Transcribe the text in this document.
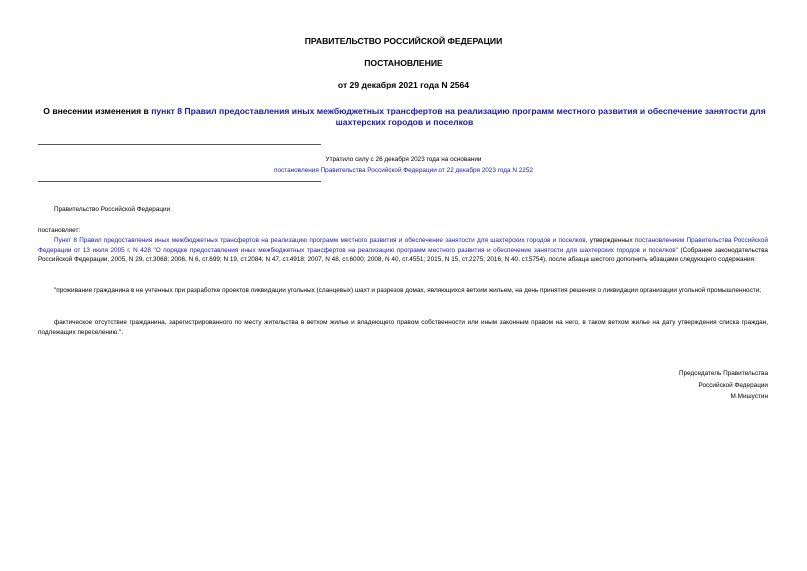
ПРАВИТЕЛЬСТВО РОССИЙСКОЙ ФЕДЕРАЦИИ
ПОСТАНОВЛЕНИЕ
от 29 декабря 2021 года N 2564
О внесении изменения в пункт 8 Правил предоставления иных межбюджетных трансфертов на реализацию программ местного развития и обеспечение занятости для шахтерских городов и поселков
Утратило силу с 26 декабря 2023 года на основании
постановления Правительства Российской Федерации от 22 декабря 2023 года N 2252
Правительство Российской Федерации
постановляет:
Пункт 8 Правил предоставления иных межбюджетных трансфертов на реализацию программ местного развития и обеспечение занятости для шахтерских городов и поселков, утвержденных постановлением Правительства Российской Федерации от 13 июля 2005 г. N 428 "О порядке предоставления иных межбюджетных трансфертов на реализацию программ местного развития и обеспечение занятости для шахтерских городов и поселков" (Собрание законодательства Российской Федерации, 2005, N 29, ст.3068; 2006, N 6, ст.699; N 19, ст.2084; N 47, ст.4918; 2007, N 48, ст.6000; 2008, N 40, ст.4551; 2015, N 15, ст.2275; 2016, N 40, ст.5754), после абзаца шестого дополнить абзацами следующего содержания:
"проживание гражданина в не учтенных при разработке проектов ликвидации угольных (сланцевых) шахт и разрезов домах, являющихся ветхим жильем, на день принятия решения о ликвидации организации угольной промышленности;
фактическое отсутствие гражданина, зарегистрированного по месту жительства в ветхом жилье и владеющего правом собственности или иным законным правом на него, в таком ветхом жилье на дату утверждения списка граждан, подлежащих переселению.".
Председатель Правительства
Российской Федерации
М.Мишустин
